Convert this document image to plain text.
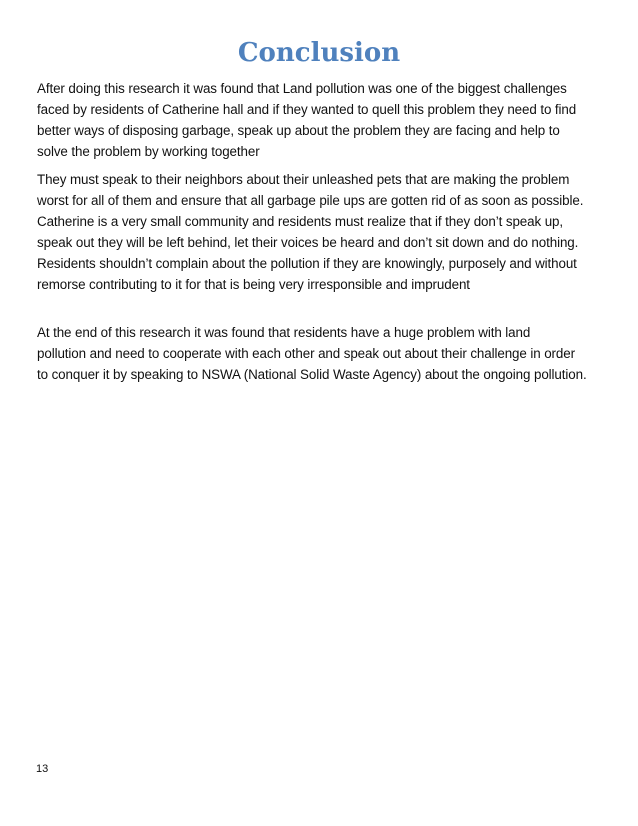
Conclusion
After doing this research it was found that Land pollution was one of the biggest challenges
faced by residents of Catherine hall and if they wanted to quell this problem they need to find
better ways of disposing garbage, speak up about the problem they are facing and help to
solve the problem by working together
They must speak to their neighbors about their unleashed pets that are making the problem
worst for all of them and ensure that all garbage pile ups are gotten rid of as soon as possible.
Catherine is a very small community and residents must realize that if they don’t speak up,
speak out they will be left behind, let their voices be heard and don’t sit down and do nothing.
Residents shouldn’t complain about the pollution if they are knowingly, purposely and without
remorse contributing to it for that is being very irresponsible and imprudent
At the end of this research it was found that residents have a huge problem with land
pollution and need to cooperate with each other and speak out about their challenge in order
to conquer it by speaking to NSWA (National Solid Waste Agency) about the ongoing pollution.

13
